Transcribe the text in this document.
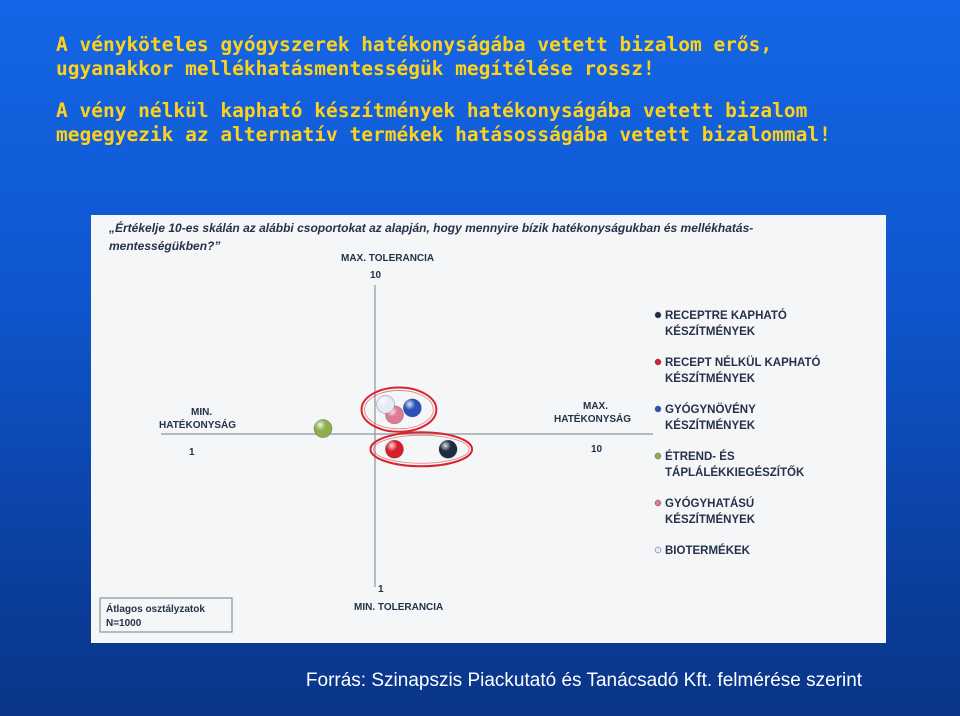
A vényköteles gyógyszerek hatékonyságába vetett bizalom erős,
ugyanakkor mellékhatásmentességük megítélése rossz!
A vény nélkül kapható készítmények hatékonyságába vetett bizalom
megegyezik az alternatív termékek hatásosságába vetett bizalommal!
„Értékelje 10-es skálán az alábbi csoportokat az alapján, hogy mennyire bízik hatékonyságukban és mellékhatás-
mentességükben?”
MAX. TOLERANCIA
10
1
MIN. TOLERANCIA
MIN.
HATÉKONYSÁG
1
MAX.
HATÉKONYSÁG
10
RECEPTRE KAPHATÓ
KÉSZÍTMÉNYEK
RECEPT NÉLKÜL KAPHATÓ
KÉSZÍTMÉNYEK
GYÓGYNÖVÉNY
KÉSZÍTMÉNYEK
ÉTREND- ÉS
TÁPLÁLÉKKIEGÉSZÍTŐK
GYÓGYHATÁSÚ
KÉSZÍTMÉNYEK
BIOTERMÉKEK
Átlagos osztályzatok
N=1000
Forrás: Szinapszis Piackutató és Tanácsadó Kft. felmérése szerint
